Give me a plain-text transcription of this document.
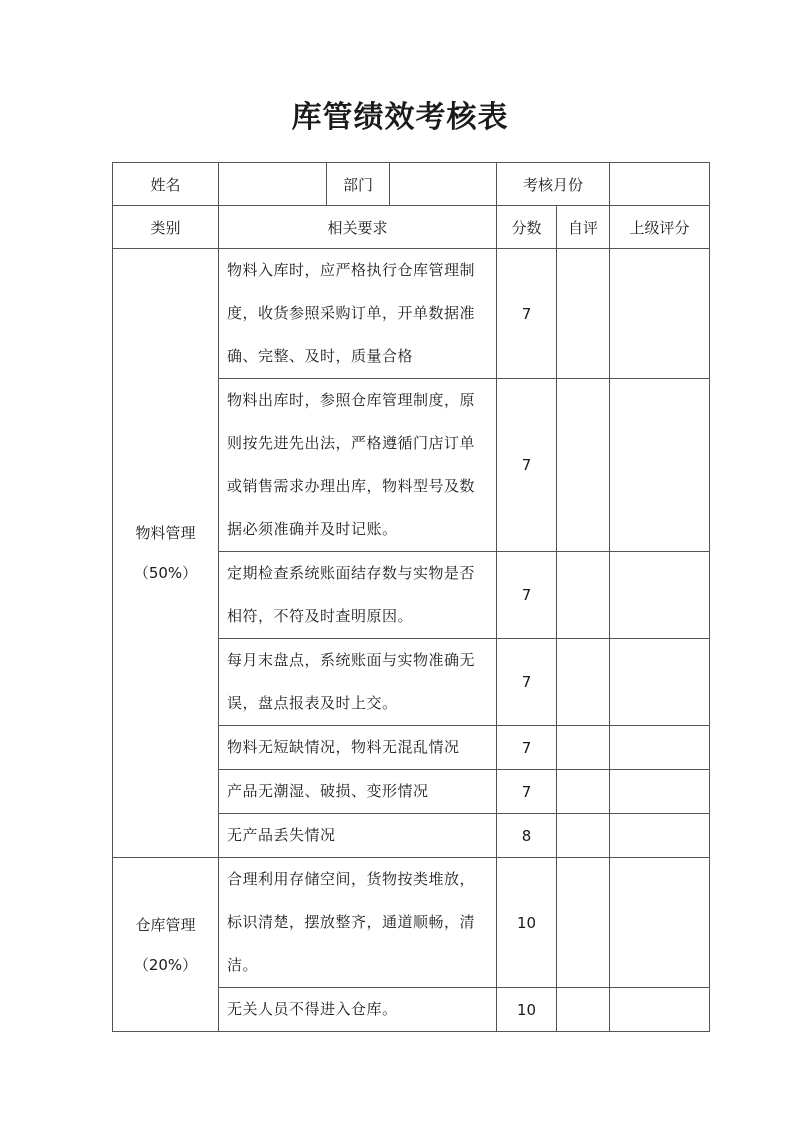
库管绩效考核表
姓名		部门		考核月份		
类别	相关要求			分数	自评	上级评分

物料管理
（50%）	物料入库时，应严格执行仓库管理制度，收货参照采购订单，开单数据准确、完整、及时，质量合格			7		
	物料出库时，参照仓库管理制度，原则按先进先出法，严格遵循门店订单或销售需求办理出库，物料型号及数据必须准确并及时记账。			7		
	定期检查系统账面结存数与实物是否相符，不符及时查明原因。			7		
	每月末盘点，系统账面与实物准确无误，盘点报表及时上交。			7		
	物料无短缺情况，物料无混乱情况			7		
	产品无潮湿、破损、变形情况			7		
	无产品丢失情况			8		

仓库管理
（20%）	合理利用存储空间，货物按类堆放，标识清楚，摆放整齐，通道顺畅，清洁。			10		
	无关人员不得进入仓库。			10		
